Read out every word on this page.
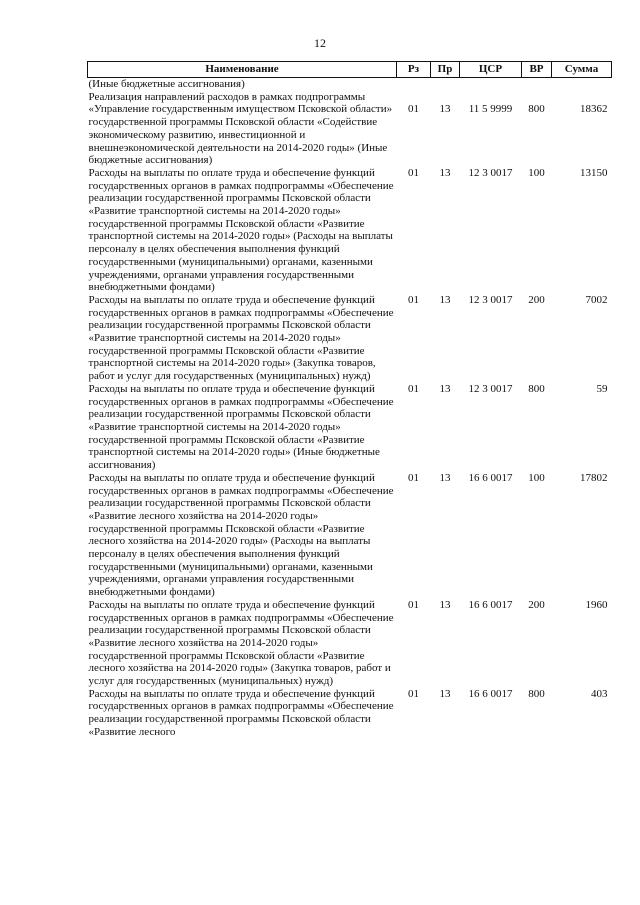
12
Наименование	Рз	Пр	ЦСР	ВР	Сумма
(Иные бюджетные ассигнования)					
Реализация направлений расходов в рамках подпрограммы «Управление государственным имуществом Псковской области» государственной программы Псковской области «Содействие экономическому развитию, инвестиционной и внешнеэкономической деятельности на 2014-2020 годы» (Иные бюджетные ассигнования)	01	13	11 5 9999	800	18362
Расходы на выплаты по оплате труда и обеспечение функций государственных органов в рамках подпрограммы «Обеспечение реализации государственной программы Псковской области «Развитие транспортной системы на 2014-2020 годы» государственной программы Псковской области «Развитие транспортной системы на 2014-2020 годы» (Расходы на выплаты персоналу в целях обеспечения выполнения функций государственными (муниципальными) органами, казенными учреждениями, органами управления государственными внебюджетными фондами)	01	13	12 3 0017	100	13150
Расходы на выплаты по оплате труда и обеспечение функций государственных органов в рамках подпрограммы «Обеспечение реализации государственной программы Псковской области «Развитие транспортной системы на 2014-2020 годы» государственной программы Псковской области «Развитие транспортной системы на 2014-2020 годы» (Закупка товаров, работ и услуг для государственных (муниципальных) нужд)	01	13	12 3 0017	200	7002
Расходы на выплаты по оплате труда и обеспечение функций государственных органов в рамках подпрограммы «Обеспечение реализации государственной программы Псковской области «Развитие транспортной системы на 2014-2020 годы» государственной программы Псковской области «Развитие транспортной системы на 2014-2020 годы» (Иные бюджетные ассигнования)	01	13	12 3 0017	800	59
Расходы на выплаты по оплате труда и обеспечение функций государственных органов в рамках подпрограммы «Обеспечение реализации государственной программы Псковской области «Развитие лесного хозяйства на 2014-2020 годы» государственной программы Псковской области «Развитие лесного хозяйства на 2014-2020 годы» (Расходы на выплаты персоналу в целях обеспечения выполнения функций государственными (муниципальными) органами, казенными учреждениями, органами управления государственными внебюджетными фондами)	01	13	16 6 0017	100	17802
Расходы на выплаты по оплате труда и обеспечение функций государственных органов в рамках подпрограммы «Обеспечение реализации государственной программы Псковской области «Развитие лесного хозяйства на 2014-2020 годы» государственной программы Псковской области «Развитие лесного хозяйства на 2014-2020 годы» (Закупка товаров, работ и услуг для государственных (муниципальных) нужд)	01	13	16 6 0017	200	1960
Расходы на выплаты по оплате труда и обеспечение функций государственных органов в рамках подпрограммы «Обеспечение реализации государственной программы Псковской области «Развитие лесного	01	13	16 6 0017	800	403
